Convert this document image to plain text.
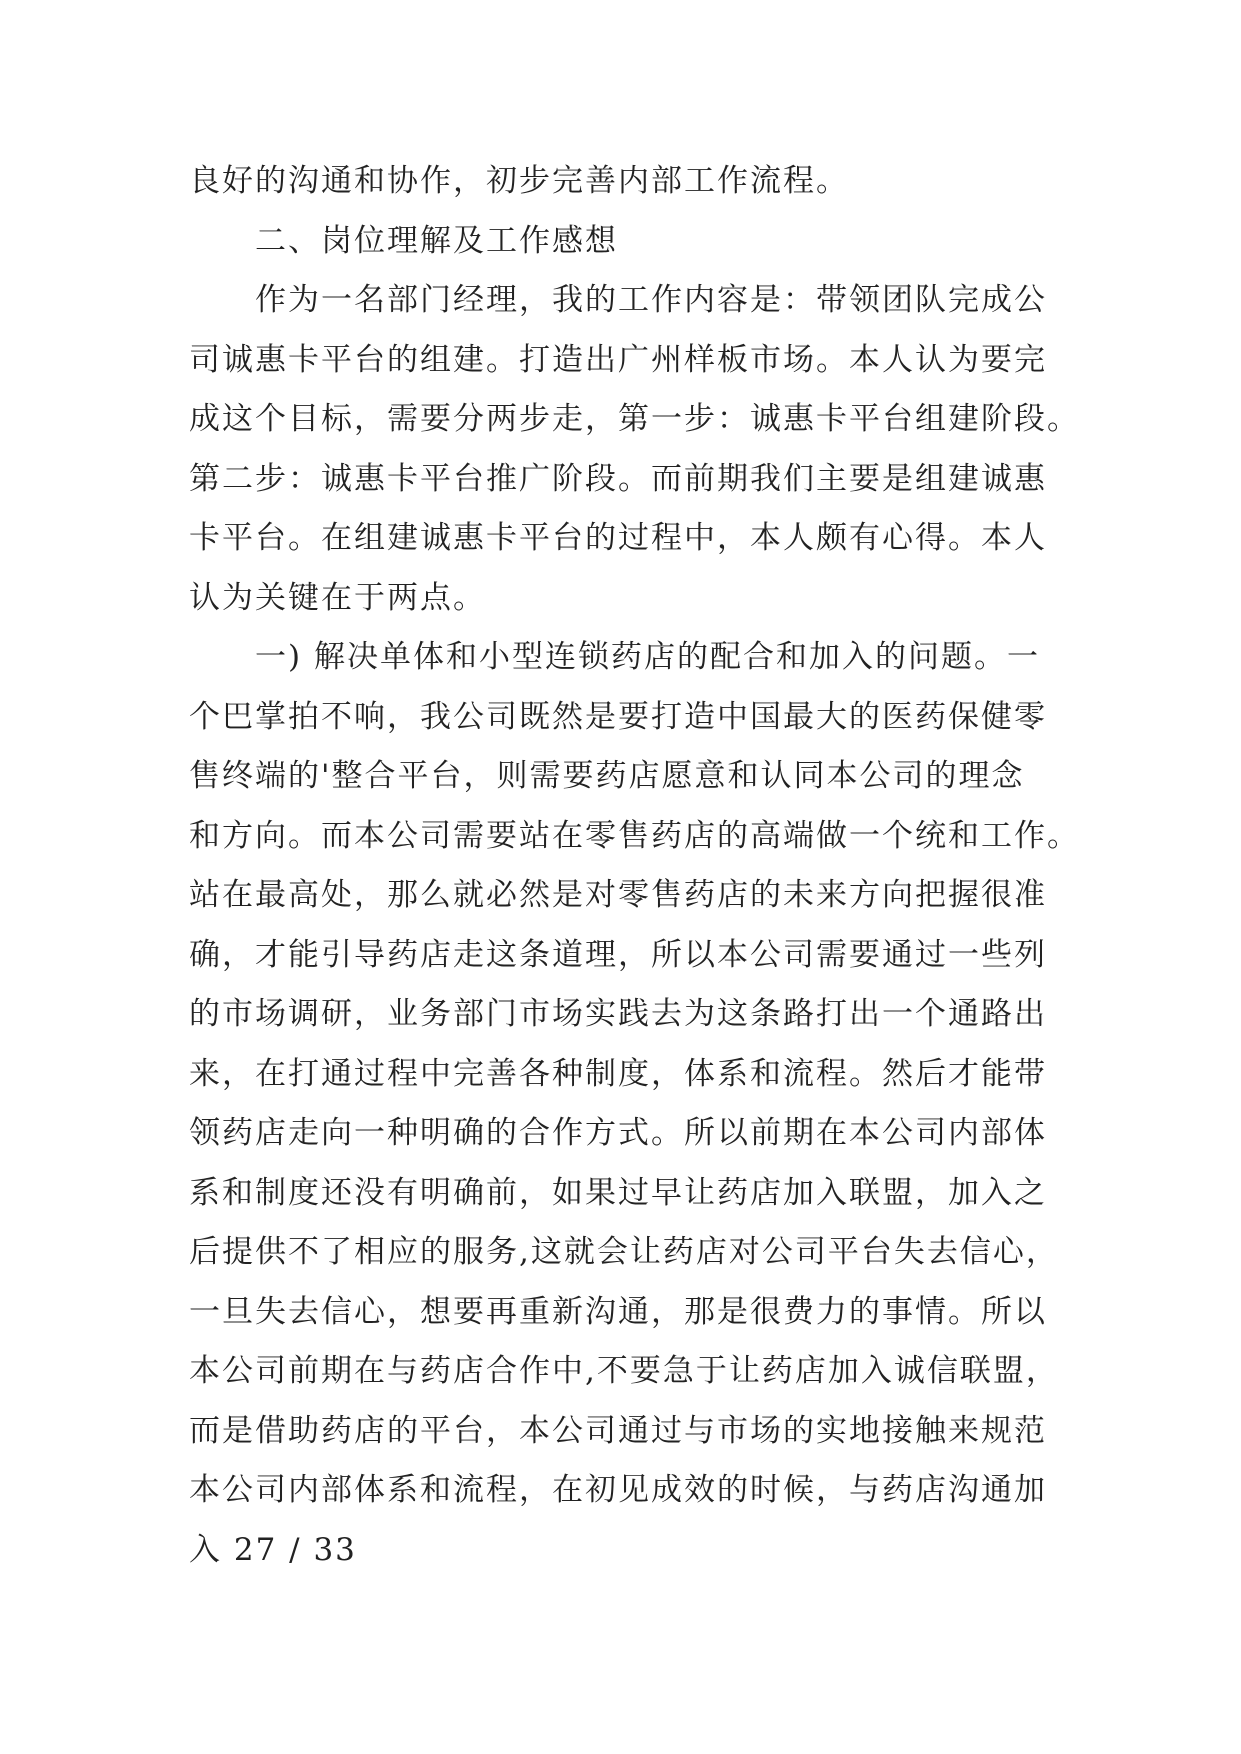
良好的沟通和协作，初步完善内部工作流程。
二、岗位理解及工作感想
作为一名部门经理，我的工作内容是：带领团队完成公
司诚惠卡平台的组建。打造出广州样板市场。本人认为要完
成这个目标，需要分两步走，第一步：诚惠卡平台组建阶段。
第二步：诚惠卡平台推广阶段。而前期我们主要是组建诚惠
卡平台。在组建诚惠卡平台的过程中，本人颇有心得。本人
认为关键在于两点。
一) 解决单体和小型连锁药店的配合和加入的问题。一
个巴掌拍不响，我公司既然是要打造中国最大的医药保健零
售终端的'整合平台，则需要药店愿意和认同本公司的理念
和方向。而本公司需要站在零售药店的高端做一个统和工作。
站在最高处，那么就必然是对零售药店的未来方向把握很准
确，才能引导药店走这条道理，所以本公司需要通过一些列
的市场调研，业务部门市场实践去为这条路打出一个通路出
来，在打通过程中完善各种制度，体系和流程。然后才能带
领药店走向一种明确的合作方式。所以前期在本公司内部体
系和制度还没有明确前，如果过早让药店加入联盟，加入之
后提供不了相应的服务,这就会让药店对公司平台失去信心，
一旦失去信心，想要再重新沟通，那是很费力的事情。所以
本公司前期在与药店合作中,不要急于让药店加入诚信联盟，
而是借助药店的平台，本公司通过与市场的实地接触来规范
本公司内部体系和流程，在初见成效的时候，与药店沟通加
入 27 / 33
